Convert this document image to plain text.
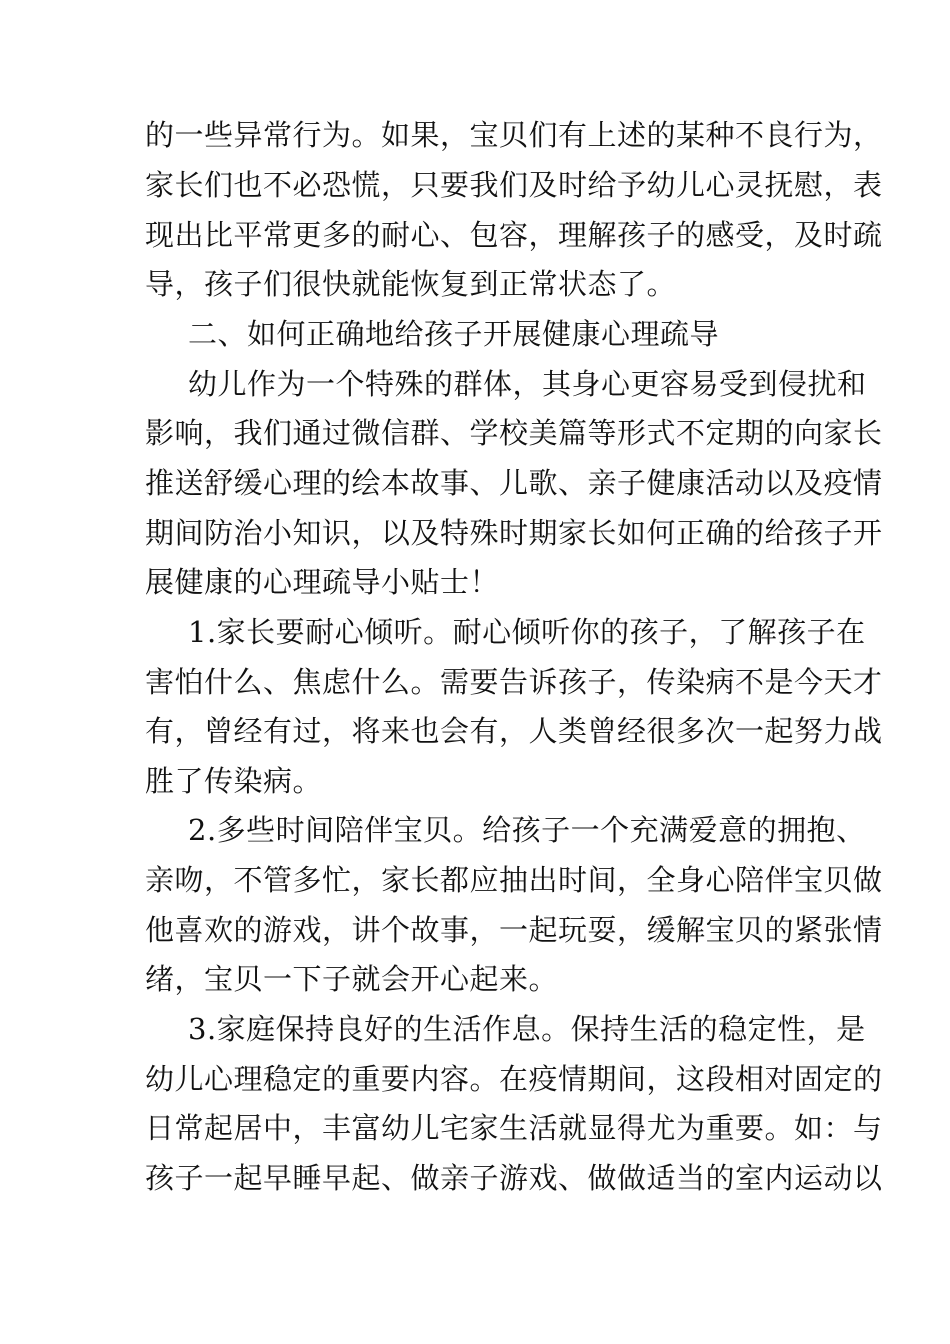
的一些异常行为。如果，宝贝们有上述的某种不良行为，
家长们也不必恐慌，只要我们及时给予幼儿心灵抚慰，表
现出比平常更多的耐心、包容，理解孩子的感受，及时疏
导，孩子们很快就能恢复到正常状态了。
二、如何正确地给孩子开展健康心理疏导
幼儿作为一个特殊的群体，其身心更容易受到侵扰和
影响，我们通过微信群、学校美篇等形式不定期的向家长
推送舒缓心理的绘本故事、儿歌、亲子健康活动以及疫情
期间防治小知识，以及特殊时期家长如何正确的给孩子开
展健康的心理疏导小贴士！
1.家长要耐心倾听。耐心倾听你的孩子，了解孩子在
害怕什么、焦虑什么。需要告诉孩子，传染病不是今天才
有，曾经有过，将来也会有，人类曾经很多次一起努力战
胜了传染病。
2.多些时间陪伴宝贝。给孩子一个充满爱意的拥抱、
亲吻，不管多忙，家长都应抽出时间，全身心陪伴宝贝做
他喜欢的游戏，讲个故事，一起玩耍，缓解宝贝的紧张情
绪，宝贝一下子就会开心起来。
3.家庭保持良好的生活作息。保持生活的稳定性，是
幼儿心理稳定的重要内容。在疫情期间，这段相对固定的
日常起居中，丰富幼儿宅家生活就显得尤为重要。如：与
孩子一起早睡早起、做亲子游戏、做做适当的室内运动以
